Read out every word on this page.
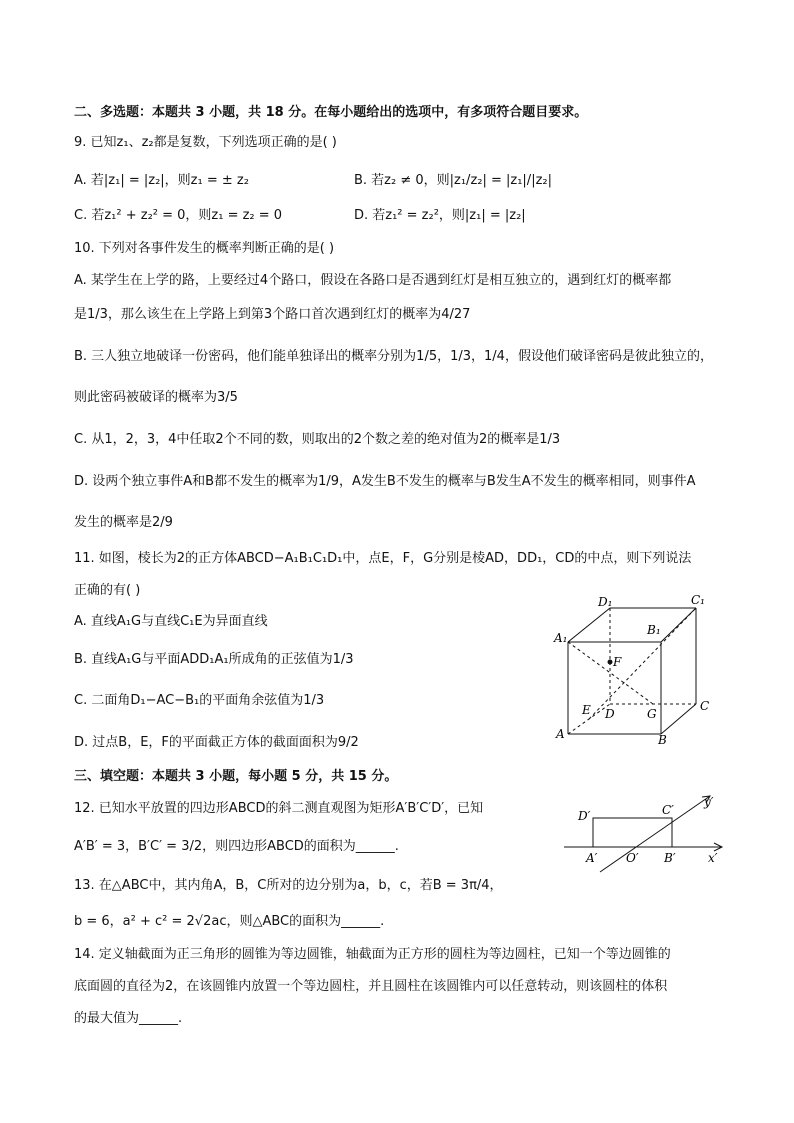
二、多选题：本题共 3 小题，共 18 分。在每小题给出的选项中，有多项符合题目要求。
9. 已知z₁、z₂都是复数，下列选项正确的是( )
A. 若|z₁| = |z₂|，则z₁ = ± z₂	B. 若z₂ ≠ 0，则|z₁/z₂| = |z₁|/|z₂|
C. 若z₁² + z₂² = 0，则z₁ = z₂ = 0	D. 若z₁² = z₂²，则|z₁| = |z₂|
10. 下列对各事件发生的概率判断正确的是( )
A. 某学生在上学的路，上要经过4个路口，假设在各路口是否遇到红灯是相互独立的，遇到红灯的概率都
是1/3，那么该生在上学路上到第3个路口首次遇到红灯的概率为4/27
B. 三人独立地破译一份密码，他们能单独译出的概率分别为1/5，1/3，1/4，假设他们破译密码是彼此独立的，
则此密码被破译的概率为3/5
C. 从1，2，3，4中任取2个不同的数，则取出的2个数之差的绝对值为2的概率是1/3
D. 设两个独立事件A和B都不发生的概率为1/9，A发生B不发生的概率与B发生A不发生的概率相同，则事件A
发生的概率是2/9
11. 如图，棱长为2的正方体ABCD−A₁B₁C₁D₁中，点E，F，G分别是棱AD，DD₁，CD的中点，则下列说法
正确的有( )
A. 直线A₁G与直线C₁E为异面直线
B. 直线A₁G与平面ADD₁A₁所成角的正弦值为1/3
C. 二面角D₁−AC−B₁的平面角余弦值为1/3
D. 过点B，E，F的平面截正方体的截面面积为9/2
D₁	C₁
A₁
B₁
F
E D	G
C
A	B
三、填空题：本题共 3 小题，每小题 5 分，共 15 分。
12. 已知水平放置的四边形ABCD的斜二测直观图为矩形A′B′C′D′，已知
A′B′ = 3，B′C′ = 3/2，则四边形ABCD的面积为______.
D′	C′
y′
A′ O′ B′	x′
13. 在△ABC中，其内角A，B，C所对的边分别为a，b，c，若B = 3π/4，
b = 6，a² + c² = 2√2ac，则△ABC的面积为______.
14. 定义轴截面为正三角形的圆锥为等边圆锥，轴截面为正方形的圆柱为等边圆柱，已知一个等边圆锥的
底面圆的直径为2，在该圆锥内放置一个等边圆柱，并且圆柱在该圆锥内可以任意转动，则该圆柱的体积
的最大值为______.
